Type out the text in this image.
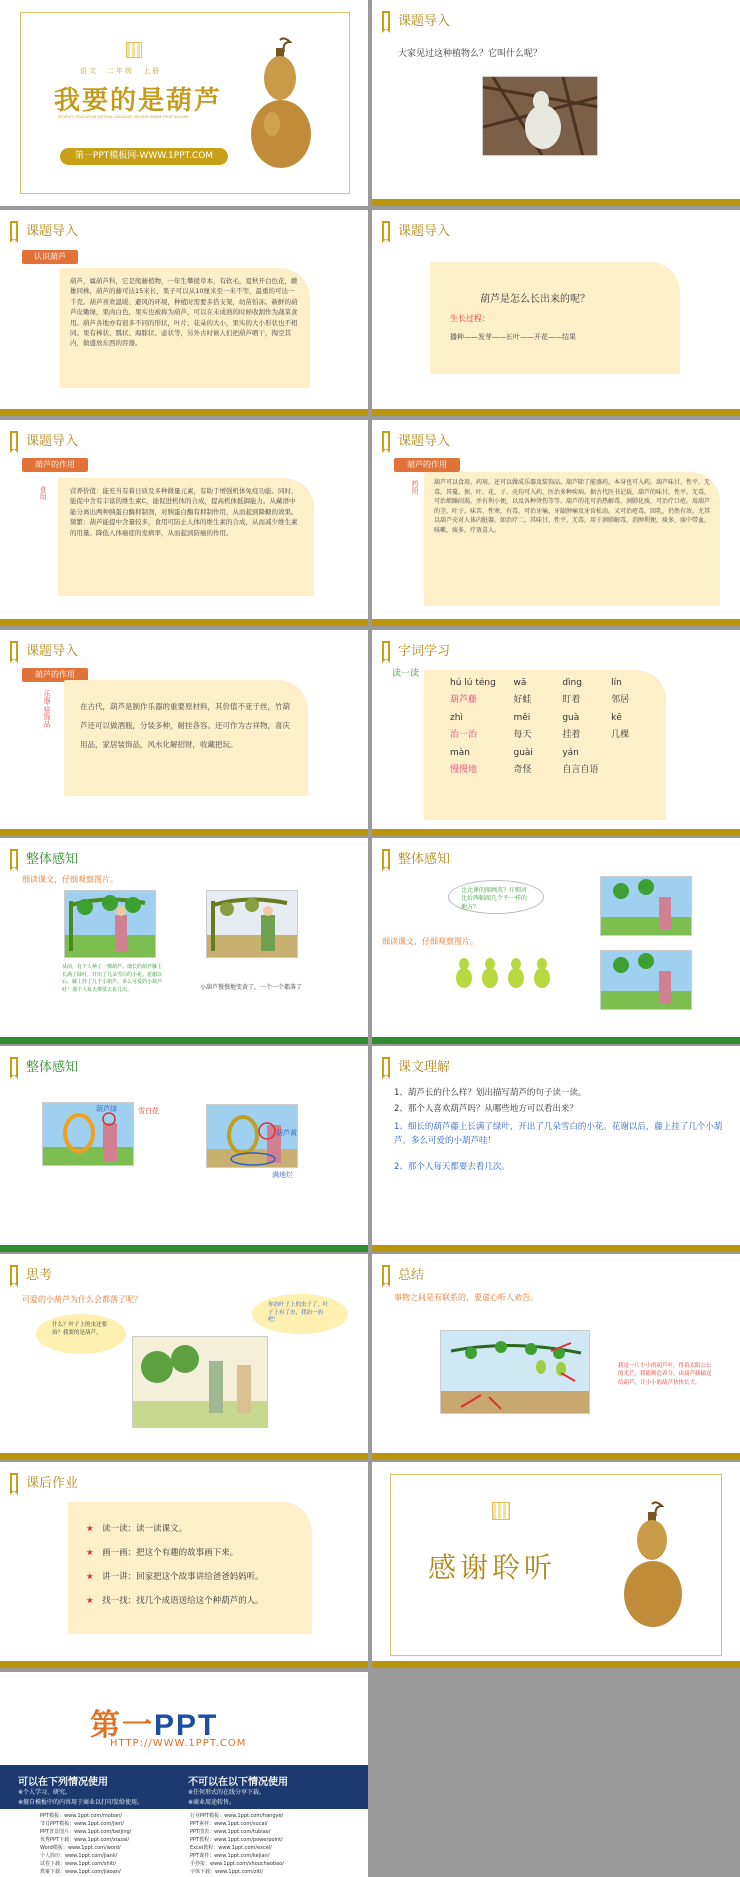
语文　二年级　上册
我要的是葫芦
PEOPLE'S EDUCATION EDITION LANGUAGE SECOND GRADE FIRST VOLUME
第一PPT模板网-WWW.1PPT.COM
课题导入
大家见过这种植物么？它叫什么呢？
课题导入
认识葫芦

葫芦，属葫芦科，它是爬藤植物，一年生攀援草本，有软毛，夏秋开白色花，雌雄同株，葫芦的藤可达15米长，果子可以从10厘米至一米不等，最重的可达一千克。葫芦喜欢温暖、避风的环境，种植时需要多搭支架，幼苗怕冻。新鲜的葫芦皮嫩绿，果肉白色，果实也被称为葫芦，可以在未成熟的时候收割作为蔬菜食用。葫芦各地亦有很多不同的形状，叶片、花朵的大小，果实的大小形状也不相同。果有棒状、瓢状、海豚状、壶状等，另外古时候人们把葫芦晒干，掏空其内，做盛放东西的容器。

课题导入
葫芦是怎么长出来的呢？
生长过程：
播种——发芽——长叶——开花——结果
课题导入
葫芦的作用
食用	营养价值：能充当有着日质及多种微量元素，有助于增强机体免疫功能。同时，能促中含有丰富的维生素C，能促进机体的合成，提高机体抵御能力。从藏语中能分离出两种胰蛋白酶抑制剂，对胰蛋白酶有抑制作用，从而起到降糖的效果。频繁：葫芦能提中含量较多，食用可防止人体的维生素的合成，从而减少维生素的用量。降低人体癌症的发病率，从而起到防癌的作用。

课题导入
葫芦的作用
药用	葫芦可以食用、药用，还可以做成乐器及装饰品。葫芦除了能盛药，本身也可入药。葫芦味甘，性平，无毒，其蔓、须、叶、花、子、壳均可入药，医治多种疾病。据古代医书记载，葫芦的味甘，性平，无毒，可治烦躁闷渴，并有利小便，以及各种烫伤等等。葫芦的花可消热解毒，润肺化痰，可治疗口疮。用葫芦的茎、叶子，味苦、性寒，有毒，可治牙痛，牙龈肿痛及牙齿松动。又可治疮毒，回乳，仍然有效。尤其以葫芦壳对人体内脏器，如治疗二，其味甘，性平，无毒，用于润肺解毒，消肿利便，痰多，痰中带血，咳嗽，痰多，疗效喜人。

课题导入
葫芦的作用
乐器·装饰品	在古代，葫芦是制作乐器的重要原材料，其价值不亚于丝，竹葫芦还可以做酒瓶，分装多种，耐挂各容。还可作为吉祥物，喜庆用品，家居装饰品，风水化解招财，收藏把玩。

字词学习
读一读
hú lú téng	wā	dìng	lín
葫芦藤	好蛙	盯着	邻居
zhì	měi	guà	kē
治一治	每天	挂着	几棵
màn	guài	yán
慢慢地	奇怪	自言自语
整体感知
细读课文，仔细观察图片。
从前，有个人种了一棵葫芦。细长的葫芦藤上长满了绿叶，开出了几朵雪白的小花。花谢以后，藤上挂了几个小葫芦。多么可爱的小葫芦哇！那个人每天都要去看几次。	小葫芦慢慢地变黄了，一个一个都落了
整体感知
比比课的图画英？仔细对比后两幅图几个不一样的地方？
细读课文，仔细观察图片。
整体感知
葫芦绿	雪白花
葫芦黄
满地烂
课文理解
1、葫芦长的什么样？划出描写葫芦的句子读一读。
2、那个人喜欢葫芦吗？从哪些地方可以看出来？
1、细长的葫芦藤上长满了绿叶，开出了几朵雪白的小花。花谢以后，藤上挂了几个小葫芦。多么可爱的小葫芦哇！
2、那个人每天都要去看几次。
思考
可爱的小葫芦为什么会都落了呢？
什么？叶子上的虫还要治？我要的是葫芦。
你治叶子上的虫子了，叶子上有了虫，我治一治吧！
总结
事物之间是有联系的，要虚心听人劝告。
我是一片小小的葫芦叶，得着太阳公公的光芒，我能制造养分，由葫芦藤输送给葫芦，让小小的葫芦快快长大。
课后作业
★　 读一读：读一读课文。
★　 画一画：把这个有趣的故事画下来。
★　 讲一讲：回家把这个故事讲给爸爸妈妈听。
★　 找一找：找几个成语送给这个种葫芦的人。
感谢聆听
第一PPT
HTTP://WWW.1PPT.COM
可以在下列情况使用
※个人学习、研究。
※擅自模板中的内容用于商业以打印发给使用。
不可以在以下情况使用
※任何形式的在线分享下载。
※商业用途转售。
PPT模板：www.1ppt.com/moban/
节日PPT模板：www.1ppt.com/jieri/
PPT背景图片：www.1ppt.com/beijing/
优秀PPT下载：www.1ppt.com/xiazai/
Word模板：www.1ppt.com/word/
个人简历：www.1ppt.com/jianli/
试卷下载：www.1ppt.com/shiti/
教案下载：www.1ppt.com/jiaoan/
行业PPT模板：www.1ppt.com/hangye/
PPT素材：www.1ppt.com/sucai/
PPT图表：www.1ppt.com/tubiao/
PPT教程：www.1ppt.com/powerpoint/
Excel教程：www.1ppt.com/excel/
PPT课件：www.1ppt.com/kejian/
手抄报：www.1ppt.com/shouchaobao/
字体下载：www.1ppt.com/ziti/
